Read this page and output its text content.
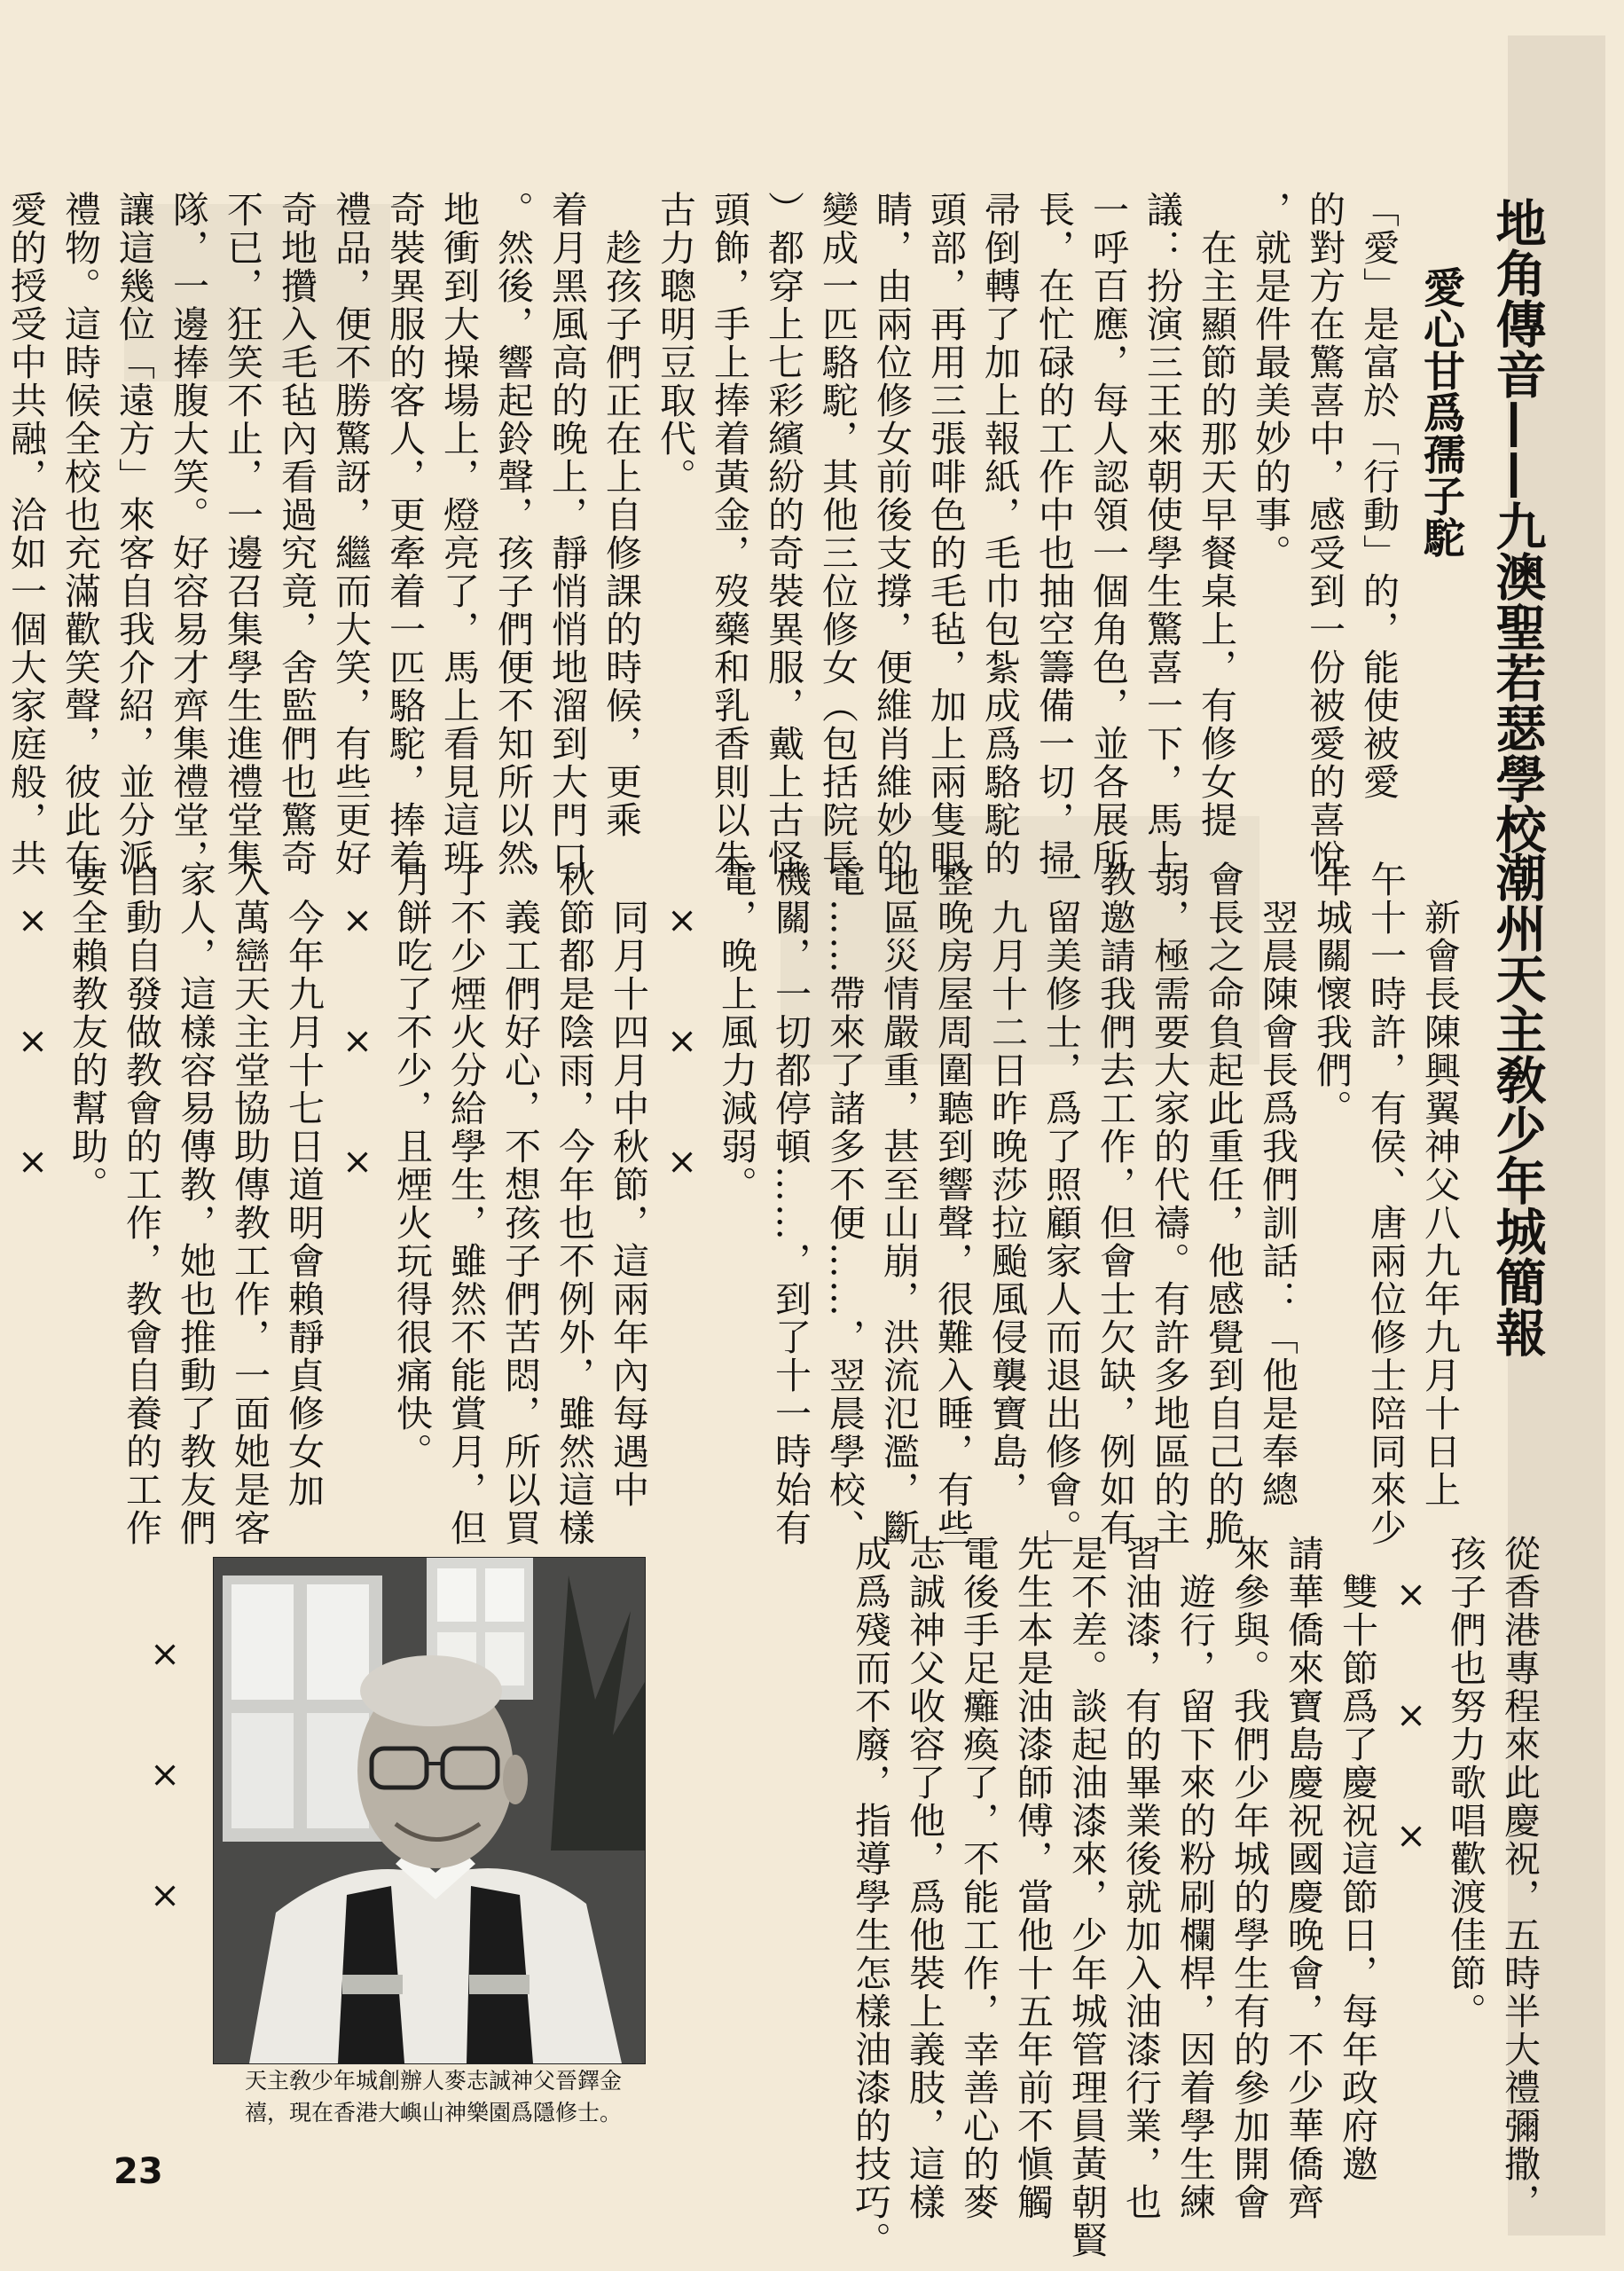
地角傳音——九澳聖若瑟學校

愛心甘爲孺子駝

「愛」是富於「行動」的，能使被愛

的對方在驚喜中，感受到一份被愛的喜悅

，就是件最美妙的事。

　在主顯節的那天早餐桌上，有修女提

議：扮演三王來朝使學生驚喜一下，馬上

一呼百應，每人認領一個角色，並各展所

長，在忙碌的工作中也抽空籌備一切，掃

帚倒轉了加上報紙，毛巾包紮成爲駱駝的

頭部，再用三張啡色的毛毡，加上兩隻眼

睛，由兩位修女前後支撐，便維肖維妙的

變成一匹駱駝，其他三位修女（包括院長

）都穿上七彩繽紛的奇裝異服，戴上古怪

頭飾，手上捧着黃金，歿藥和乳香則以朱

古力聰明豆取代。

　趁孩子們正在上自修課的時候，更乘

着月黑風高的晚上，靜悄悄地溜到大門口

。然後，響起鈴聲，孩子們便不知所以然

地衝到大操場上，燈亮了，馬上看見這班

奇裝異服的客人，更牽着一匹駱駝，捧着

禮品，便不勝驚訝，繼而大笑，有些更好

奇地攢入毛毡內看過究竟，舍監們也驚奇

不已，狂笑不止，一邊召集學生進禮堂集

隊，一邊捧腹大笑。好容易才齊集禮堂，

讓這幾位「遠方」來客自我介紹，並分派

禮物。這時候全校也充滿歡笑聲，彼此在

愛的授受中共融，洽如一個大家庭般，共

潮州天主敎少年城簡報

　新會長陳興翼神父八九年九月十日上

午十一時許，有侯、唐兩位修士陪同來少

年城關懷我們。

　翌晨陳會長爲我們訓話：「他是奉總

會長之命負起此重任，他感覺到自己的脆

弱，極需要大家的代禱。有許多地區的主

教邀請我們去工作，但會士欠缺，例如有

一留美修士，爲了照顧家人而退出修會。」

　九月十二日昨晚莎拉颱風侵襲寶島，

整晚房屋周圍聽到響聲，很難入睡，有些

地區災情嚴重，甚至山崩，洪流氾濫，斷

電……帶來了諸多不便……，翌晨學校、

機關，一切都停頓……，到了十一時始有

電，晚上風力減弱。

　×　　×　　×

　同月十四月中秋節，這兩年內每遇中

秋節都是陰雨，今年也不例外，雖然這樣

，義工們好心，不想孩子們苦悶，所以買

了不少煙火分給學生，雖然不能賞月，但

月餅吃了不少，且煙火玩得很痛快。

　×　　×　　×

　今年九月十七日道明會賴靜貞修女加

入萬巒天主堂協助傳教工作，一面她是客

家人，這樣容易傳教，她也推動了教友們

自動自發做教會的工作，教會自養的工作

要全賴教友的幫助。

　×　　×　　×

從香港專程來此慶祝，五時半大禮彌撒，

孩子們也努力歌唱歡渡佳節。

　×　　×　　×

　雙十節爲了慶祝這節日，每年政府邀

請華僑來寶島慶祝國慶晚會，不少華僑齊

來參與。我們少年城的學生有的參加開會

，遊行，留下來的粉刷欄桿，因着學生練

習油漆，有的畢業後就加入油漆行業，也

是不差。談起油漆來，少年城管理員黃朝賢

先生本是油漆師傅，當他十五年前不愼觸

電後手足癱瘓了，不能工作，幸善心的麥

志誠神父收容了他，爲他裝上義肢，這樣

成爲殘而不廢，指導學生怎樣油漆的技巧。

×　　×　　×

天主敎少年城創辦人麥志誠神父晉鐸金
禧，現在香港大嶼山神樂園爲隱修士。
23
